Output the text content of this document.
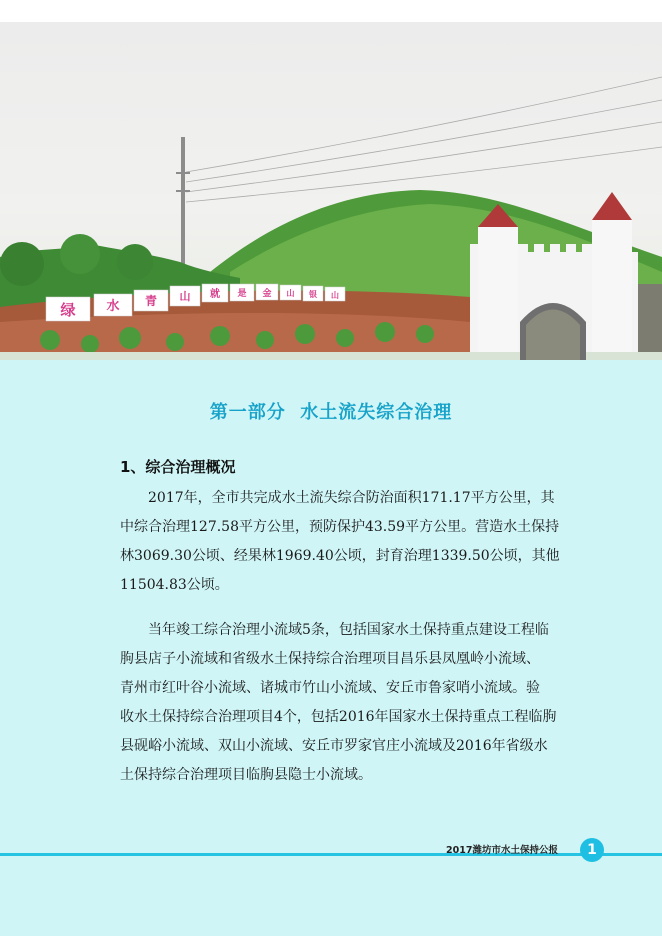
绿 水 青 山 就 是 金 山 银 山
第一部分  水土流失综合治理
1、综合治理概况
2017年，全市共完成水土流失综合防治面积171.17平方公里，其
中综合治理127.58平方公里，预防保护43.59平方公里。营造水土保持
林3069.30公顷、经果林1969.40公顷，封育治理1339.50公顷，其他
11504.83公顷。
当年竣工综合治理小流域5条，包括国家水土保持重点建设工程临
朐县店子小流域和省级水土保持综合治理项目昌乐县凤凰岭小流域、
青州市红叶谷小流域、诸城市竹山小流域、安丘市鲁家哨小流域。验
收水土保持综合治理项目4个，包括2016年国家水土保持重点工程临朐
县砚峪小流域、双山小流域、安丘市罗家官庄小流域及2016年省级水
土保持综合治理项目临朐县隐士小流域。
2017潍坊市水土保持公报	1
